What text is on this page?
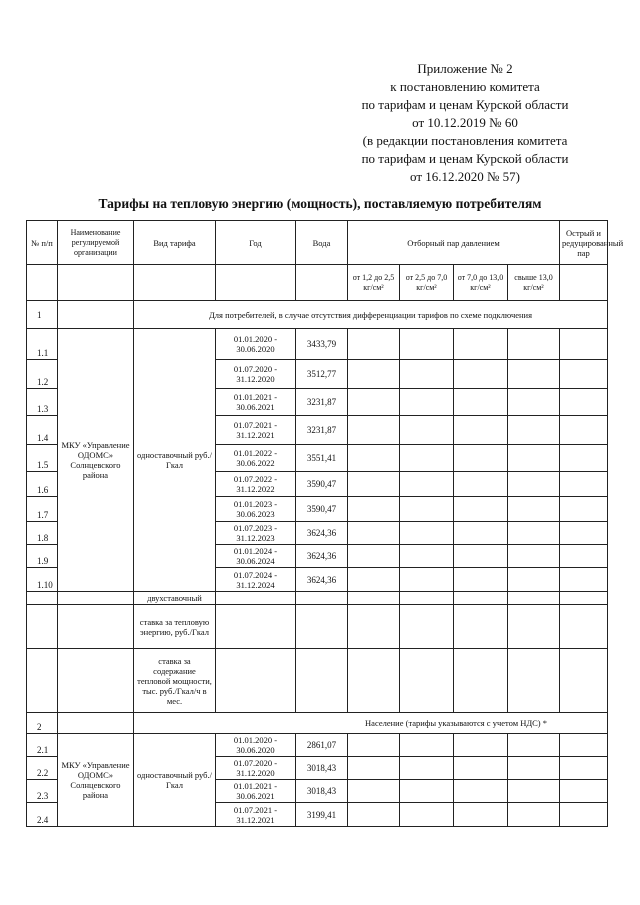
Приложение № 2
к постановлению комитета
по тарифам и ценам Курской области
от 10.12.2019 № 60
(в редакции постановления комитета
по тарифам и ценам Курской области
от 16.12.2020 № 57)
Тарифы на тепловую энергию (мощность), поставляемую потребителям
№ п/п	Наименование регулируемой организации	Вид тарифа	Год	Вода	Отборный пар давлением				Острый и редуцированный пар
					от 1,2 до 2,5 кг/см²	от 2,5 до 7,0 кг/см²	от 7,0 до 13,0 кг/см²	свыше 13,0 кг/см²	
1		Для потребителей, в случае отсутствия дифференциации тарифов по схеме подключения							
1.1	МКУ «Управление ОДОМС» Солнцевского района	одноставочный руб./Гкал	01.01.2020 - 30.06.2020	3433,79					
1.2			01.07.2020 - 31.12.2020	3512,77					
1.3			01.01.2021 - 30.06.2021	3231,87					
1.4			01.07.2021 - 31.12.2021	3231,87					
1.5			01.01.2022 - 30.06.2022	3551,41					
1.6			01.07.2022 - 31.12.2022	3590,47					
1.7			01.01.2023 - 30.06.2023	3590,47					
1.8			01.07.2023 - 31.12.2023	3624,36					
1.9			01.01.2024 - 30.06.2024	3624,36					
1.10			01.07.2024 - 31.12.2024	3624,36					
		двухставочный							
		ставка за тепловую энергию, руб./Гкал							
		ставка за содержание тепловой мощности, тыс. руб./Гкал/ч в мес.							
2		Население (тарифы указываются с учетом НДС) *							
2.1	МКУ «Управление ОДОМС» Солнцевского района	одноставочный руб./Гкал	01.01.2020 - 30.06.2020	2861,07					
2.2			01.07.2020 - 31.12.2020	3018,43					
2.3			01.01.2021 - 30.06.2021	3018,43					
2.4			01.07.2021 - 31.12.2021	3199,41					
